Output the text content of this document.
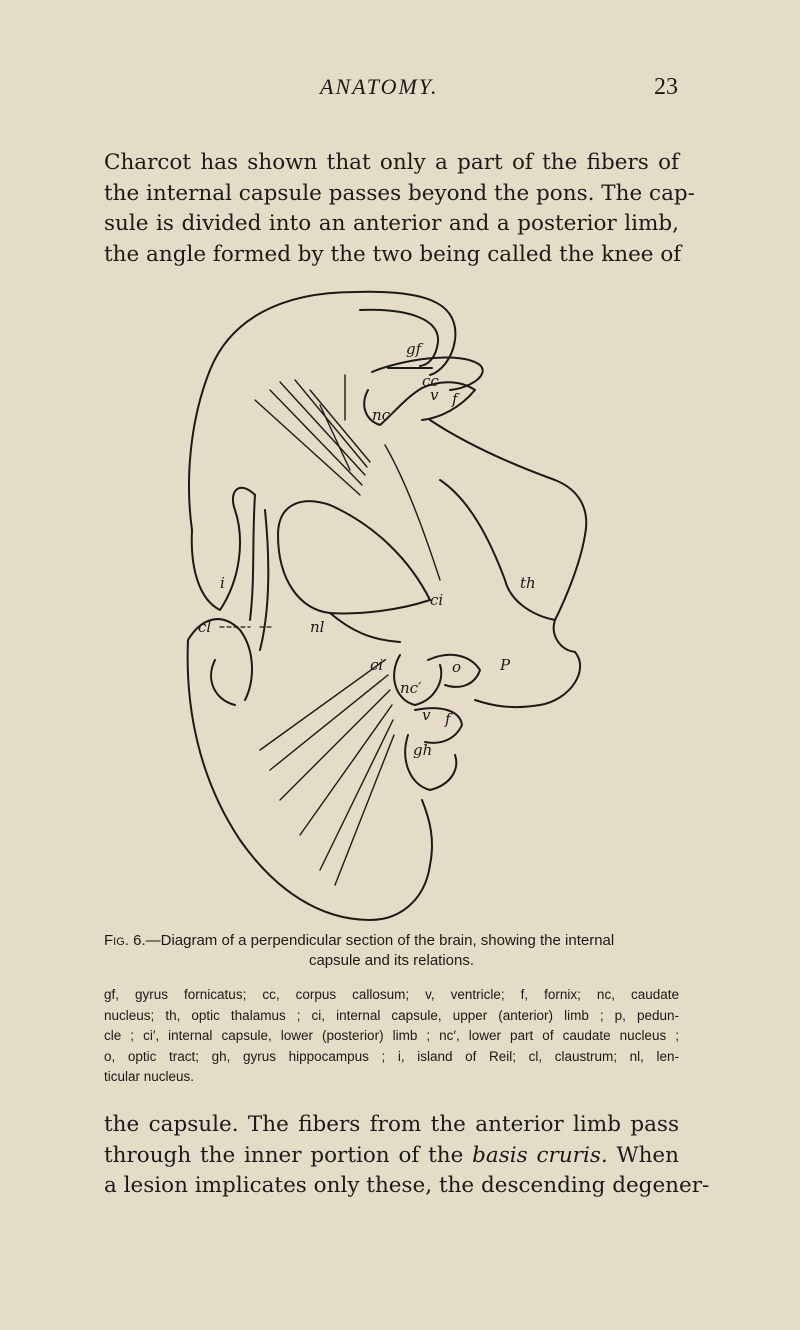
ANATOMY.	23

Charcot has shown that only a part of the fibers of
the internal capsule passes beyond the pons. The cap-
sule is divided into an anterior and a posterior limb,
the angle formed by the two being called the knee of

gf
cc
v f
nc
th
ci
i
cl	nl
ci′	P
o
nc′
v f
gh
Fig. 6.—Diagram of a perpendicular section of the brain, showing the internal
capsule and its relations.
gf, gyrus fornicatus; cc, corpus callosum; v, ventricle; f, fornix; nc, caudate
nucleus; th, optic thalamus ; ci, internal capsule, upper (anterior) limb ; p, pedun-
cle ; ci′, internal capsule, lower (posterior) limb ; nc′, lower part of caudate nucleus ;
o, optic tract; gh, gyrus hippocampus ; i, island of Reil; cl, claustrum; nl, len-
ticular nucleus.

the capsule. The fibers from the anterior limb pass
through the inner portion of the basis cruris. When
a lesion implicates only these, the descending degener-
